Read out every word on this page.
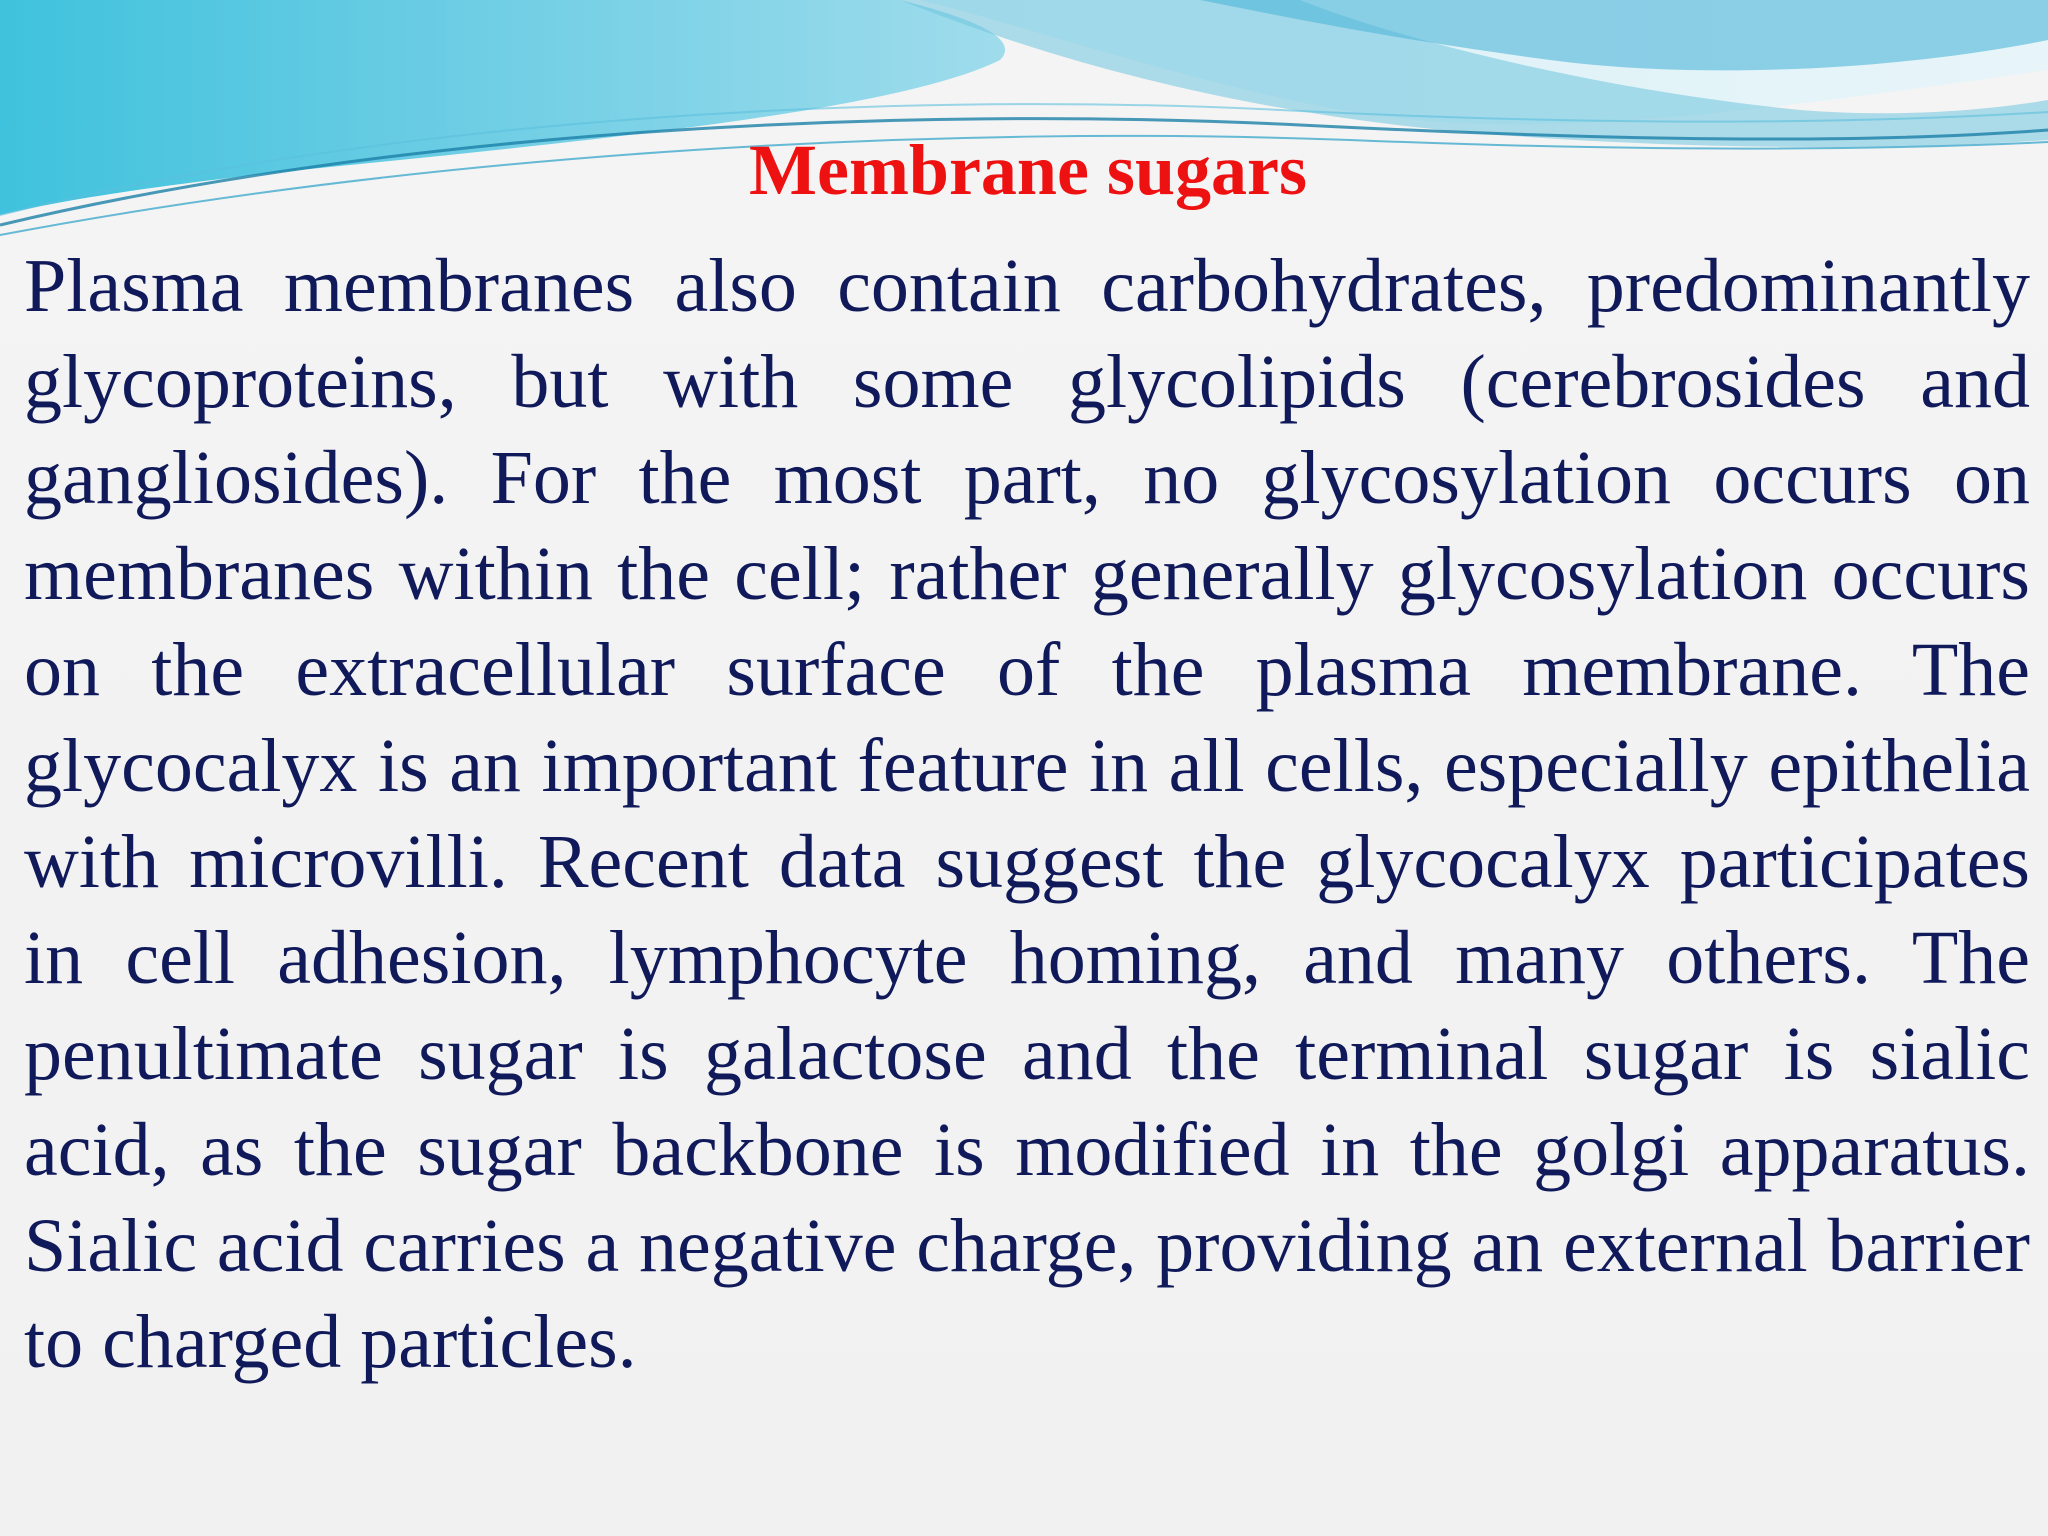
Membrane sugars

Plasma membranes also contain carbohydrates, predominantly glycoproteins, but with some glycolipids (cerebrosides and gangliosides). For the most part, no glycosylation occurs on membranes within the cell; rather generally glycosylation occurs on the extracellular surface of the plasma membrane. The glycocalyx is an important feature in all cells, especially epithelia with microvilli. Recent data suggest the glycocalyx participates in cell adhesion, lymphocyte homing, and many others. The penultimate sugar is galactose and the terminal sugar is sialic acid, as the sugar backbone is modified in the golgi apparatus. Sialic acid carries a negative charge, providing an external barrier to charged particles.
